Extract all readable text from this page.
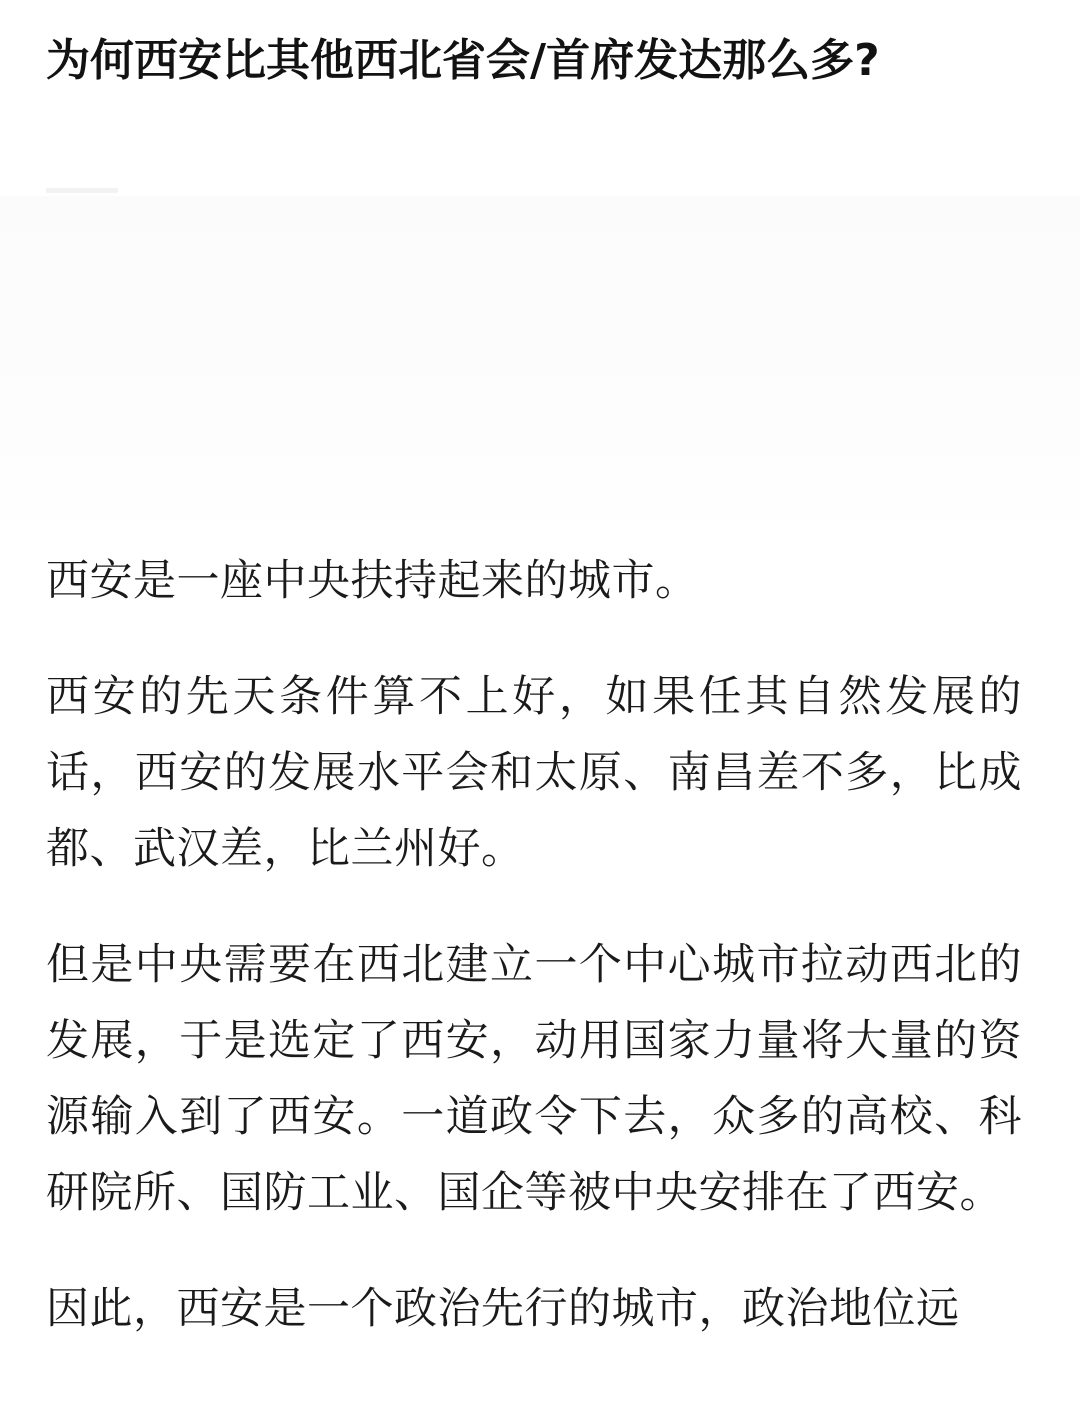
为何西安比其他西北省会/首府发达那么多?

西安是一座中央扶持起来的城市。

西安的先天条件算不上好，如果任其自然发展的话，西安的发展水平会和太原、南昌差不多，比成都、武汉差，比兰州好。

但是中央需要在西北建立一个中心城市拉动西北的发展，于是选定了西安，动用国家力量将大量的资源输入到了西安。一道政令下去，众多的高校、科研院所、国防工业、国企等被中央安排在了西安。

因此，西安是一个政治先行的城市，政治地位远
